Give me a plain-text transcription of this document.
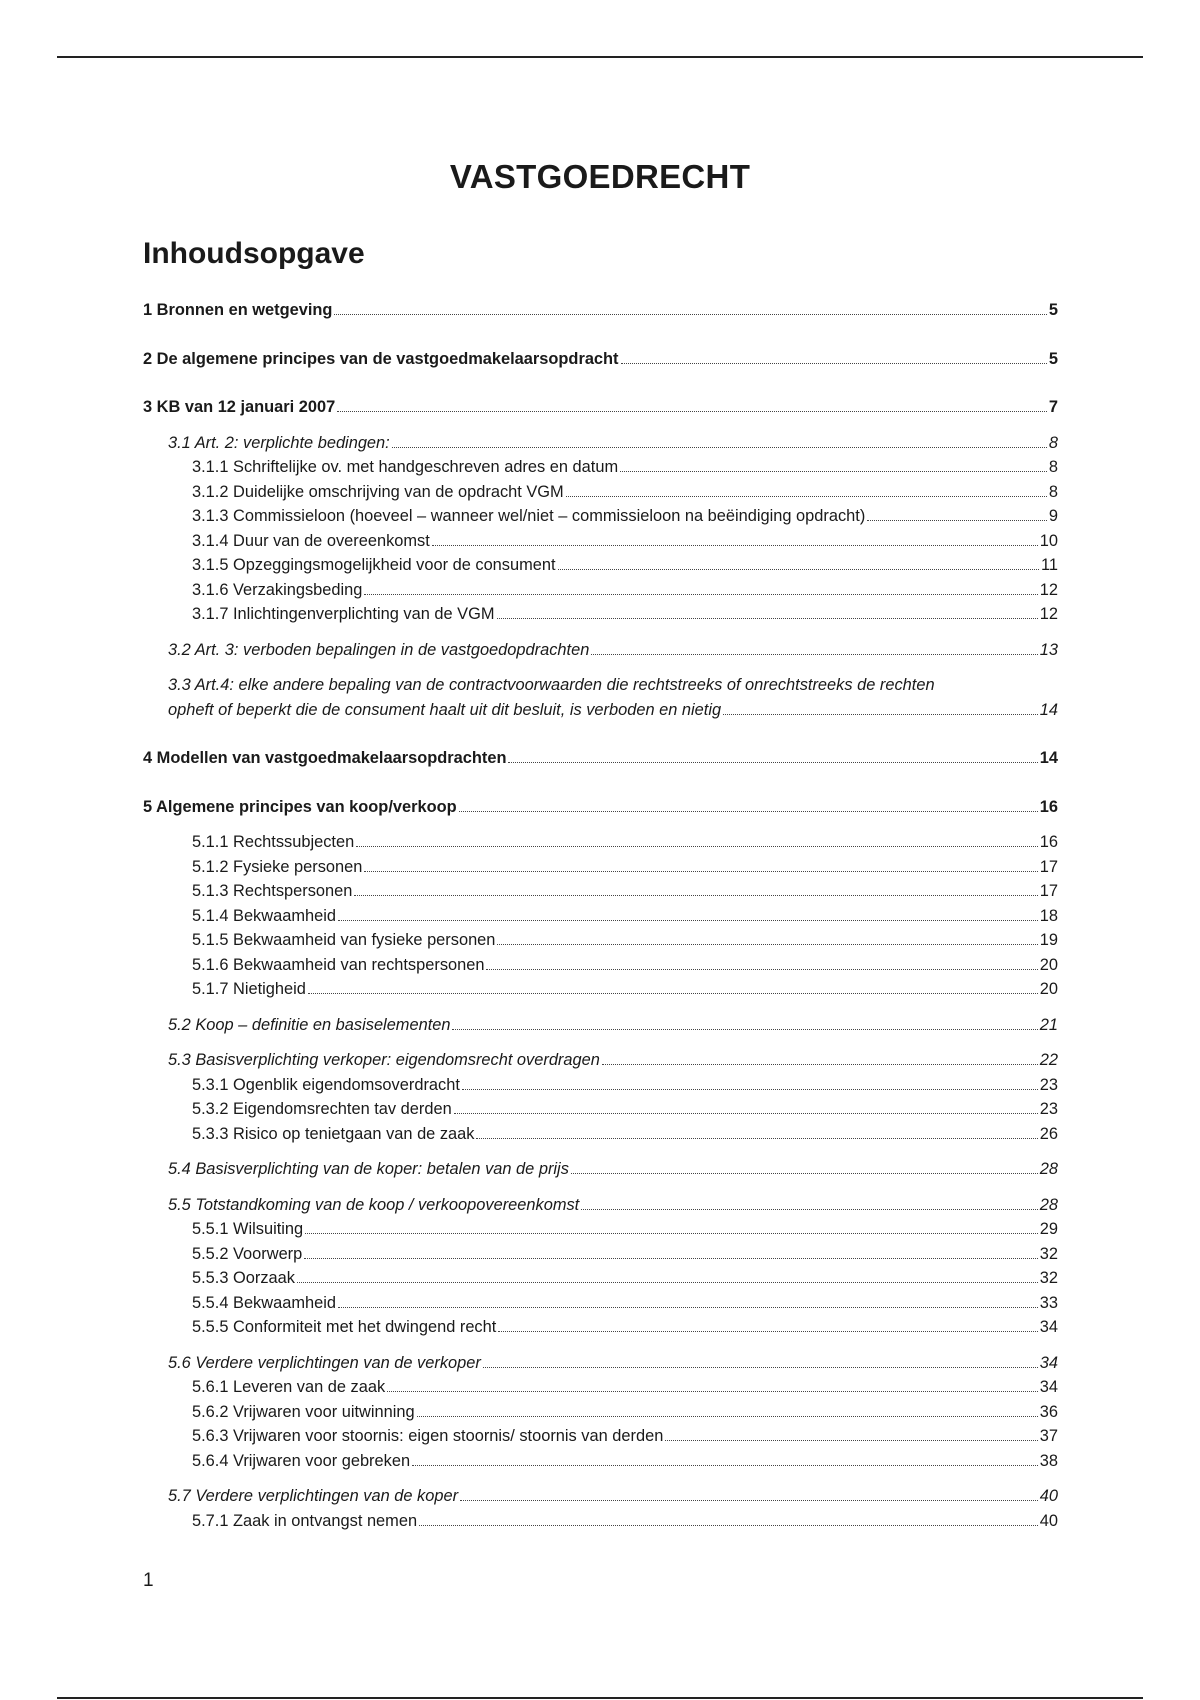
VASTGOEDRECHT
Inhoudsopgave
1 Bronnen en wetgeving	5
2 De algemene principes van de vastgoedmakelaarsopdracht	5
3 KB van 12 januari 2007	7
3.1 Art. 2: verplichte bedingen:	8
3.1.1 Schriftelijke ov. met handgeschreven adres en datum	8
3.1.2 Duidelijke omschrijving van de opdracht VGM	8
3.1.3 Commissieloon (hoeveel – wanneer wel/niet – commissieloon na beëindiging opdracht)	9
3.1.4 Duur van de overeenkomst	10
3.1.5 Opzeggingsmogelijkheid voor de consument	11
3.1.6 Verzakingsbeding	12
3.1.7 Inlichtingenverplichting van de VGM	12
3.2 Art. 3: verboden bepalingen in de vastgoedopdrachten	13
3.3 Art.4: elke andere bepaling van de contractvoorwaarden die rechtstreeks of onrechtstreeks de rechten
opheft of beperkt die de consument haalt uit dit besluit, is verboden en nietig	14
4 Modellen van vastgoedmakelaarsopdrachten	14
5 Algemene principes van koop/verkoop	16
5.1.1 Rechtssubjecten	16
5.1.2 Fysieke personen	17
5.1.3 Rechtspersonen	17
5.1.4 Bekwaamheid	18
5.1.5 Bekwaamheid van fysieke personen	19
5.1.6 Bekwaamheid van rechtspersonen	20
5.1.7 Nietigheid	20
5.2 Koop – definitie en basiselementen	21
5.3 Basisverplichting verkoper: eigendomsrecht overdragen	22
5.3.1 Ogenblik eigendomsoverdracht	23
5.3.2 Eigendomsrechten tav derden	23
5.3.3 Risico op tenietgaan van de zaak	26
5.4 Basisverplichting van de koper: betalen van de prijs	28
5.5 Totstandkoming van de koop / verkoopovereenkomst	28
5.5.1 Wilsuiting	29
5.5.2 Voorwerp	32
5.5.3 Oorzaak	32
5.5.4 Bekwaamheid	33
5.5.5 Conformiteit met het dwingend recht	34
5.6 Verdere verplichtingen van de verkoper	34
5.6.1 Leveren van de zaak	34
5.6.2 Vrijwaren voor uitwinning	36
5.6.3 Vrijwaren voor stoornis: eigen stoornis/ stoornis van derden	37
5.6.4 Vrijwaren voor gebreken	38
5.7 Verdere verplichtingen van de koper	40
5.7.1 Zaak in ontvangst nemen	40
1
